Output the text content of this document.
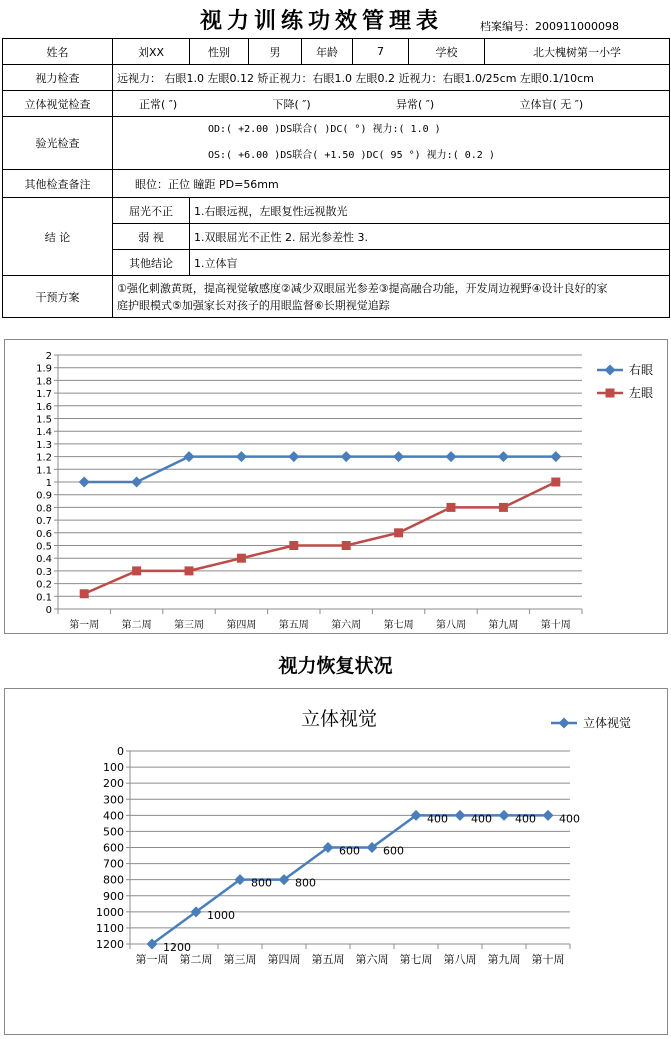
视力训练功效管理表	档案编号：200911000098
姓名	刘XX	性别	男	年龄	7	学校	北大槐树第一小学
视力检查	远视力： 右眼1.0 左眼0.12 矫正视力：右眼1.0 左眼0.2 近视力：右眼1.0/25cm 左眼0.1/10cm						
立体视觉检查	正常( ″) 下降( ″) 异常( ″) 立体盲( 无 ″)						
验光检查	OD:( +2.00 )DS联合( )DC( °) 视力:( 1.0 )
OS:( +6.00 )DS联合( +1.50 )DC( 95 °) 视力:( 0.2 )						

其他检查备注	眼位：正位 瞳距 PD=56mm						
结 论	屈光不正	1.右眼远视，左眼复性远视散光					
	弱 视	1.双眼屈光不正性 2. 屈光参差性 3.					
	其他结论	1.立体盲					
干预方案	①强化刺激黄斑，提高视觉敏感度②减少双眼屈光参差③提高融合功能，开发周边视野④设计良好的家
庭护眼模式⑤加强家长对孩子的用眼监督⑥长期视觉追踪						
0
0.1
0.2
0.3
0.4
0.5
0.6
0.7
0.8
0.9
1
1.1
1.2
1.3
1.4
1.5
1.6
1.7
1.8
1.9
2
第一周 第二周 第三周 第四周 第五周 第六周 第七周 第八周 第九周 第十周
右眼
左眼
视力恢复状况
立体视觉
0
100
200
300
400
500
600
700
800
900
1000
1100
1200
第一周 第二周 第三周 第四周 第五周 第六周 第七周 第八周 第九周 第十周
1200
1000
800 800
600 600
400 400 400 400
立体视觉
